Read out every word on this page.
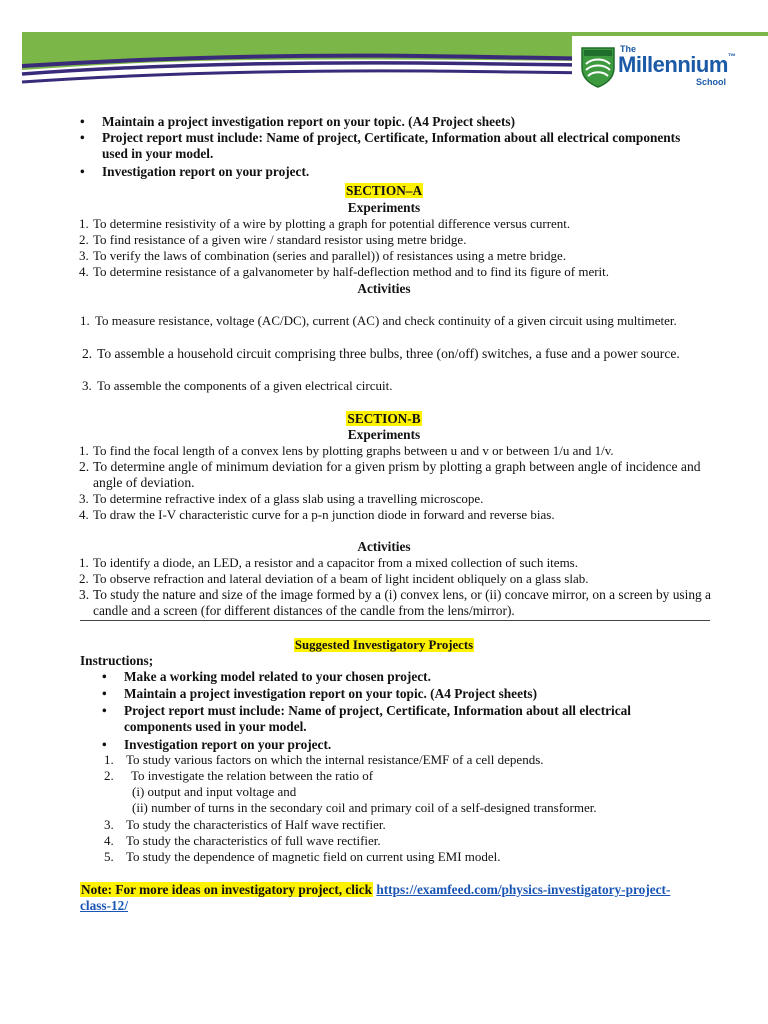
The
Millennium™
School
• Maintain a project investigation report on your topic. (A4 Project sheets)
• Project report must include: Name of project, Certificate, Information about all electrical components used in your model.
• Investigation report on your project.
SECTION–A
Experiments
1. To determine resistivity of a wire by plotting a graph for potential difference versus current.
2. To find resistance of a given wire / standard resistor using metre bridge.
3. To verify the laws of combination (series and parallel)) of resistances using a metre bridge.
4. To determine resistance of a galvanometer by half-deflection method and to find its figure of merit.
Activities
1. To measure resistance, voltage (AC/DC), current (AC) and check continuity of a given circuit using multimeter.
2. To assemble a household circuit comprising three bulbs, three (on/off) switches, a fuse and a power source.
3. To assemble the components of a given electrical circuit.
SECTION-B
Experiments
1. To find the focal length of a convex lens by plotting graphs between u and v or between 1/u and 1/v.
2. To determine angle of minimum deviation for a given prism by plotting a graph between angle of incidence and angle of deviation.
3. To determine refractive index of a glass slab using a travelling microscope.
4. To draw the I-V characteristic curve for a p-n junction diode in forward and reverse bias.
Activities
1. To identify a diode, an LED, a resistor and a capacitor from a mixed collection of such items.
2. To observe refraction and lateral deviation of a beam of light incident obliquely on a glass slab.
3. To study the nature and size of the image formed by a (i) convex lens, or (ii) concave mirror, on a screen by using a candle and a screen (for different distances of the candle from the lens/mirror).
Suggested Investigatory Projects
Instructions;
• Make a working model related to your chosen project.
• Maintain a project investigation report on your topic. (A4 Project sheets)
• Project report must include: Name of project, Certificate, Information about all electrical components used in your model.
• Investigation report on your project.
1. To study various factors on which the internal resistance/EMF of a cell depends.
2. To investigate the relation between the ratio of
(i) output and input voltage and
(ii) number of turns in the secondary coil and primary coil of a self-designed transformer.
3. To study the characteristics of Half wave rectifier.
4. To study the characteristics of full wave rectifier.
5. To study the dependence of magnetic field on current using EMI model.
Note: For more ideas on investigatory project, click https://examfeed.com/physics-investigatory-project-class-12/
